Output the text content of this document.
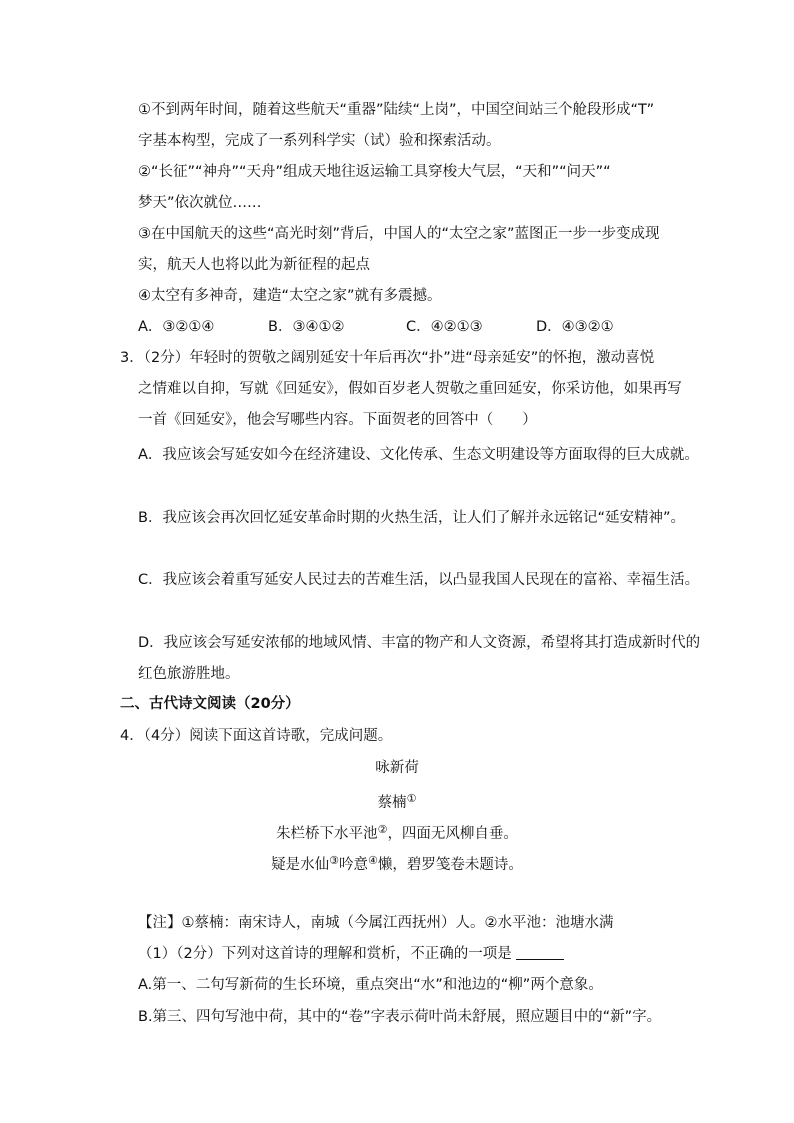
①不到两年时间，随着这些航天“重器”陆续“上岗”，中国空间站三个舱段形成“T”
字基本构型，完成了一系列科学实（试）验和探索活动。
②“长征”“神舟”“天舟”组成天地往返运输工具穿梭大气层，“天和”“问天”“
梦天”依次就位……
③在中国航天的这些“高光时刻”背后，中国人的“太空之家”蓝图正一步一步变成现
实，航天人也将以此为新征程的起点
④太空有多神奇，建造“太空之家”就有多震撼。
A．③②①④	B．③④①②	C．④②①③	D．④③②①
3．（2分）年轻时的贺敬之阔别延安十年后再次“扑”进“母亲延安”的怀抱，激动喜悦
之情难以自抑，写就《回延安》，假如百岁老人贺敬之重回延安，你采访他，如果再写
一首《回延安》，他会写哪些内容。下面贺老的回答中（　　）
A．我应该会写延安如今在经济建设、文化传承、生态文明建设等方面取得的巨大成就。
B．我应该会再次回忆延安革命时期的火热生活，让人们了解并永远铭记“延安精神”。
C．我应该会着重写延安人民过去的苦难生活，以凸显我国人民现在的富裕、幸福生活。
D．我应该会写延安浓郁的地域风情、丰富的物产和人文资源，希望将其打造成新时代的
红色旅游胜地。
二、古代诗文阅读（20分）
4．（4分）阅读下面这首诗歌，完成问题。
咏新荷
蔡楠①
朱栏桥下水平池②，四面无风柳自垂。
疑是水仙③吟意④懒，碧罗笺卷未题诗。
【注】①蔡楠：南宋诗人，南城（今属江西抚州）人。②水平池：池塘水满
（1）（2分）下列对这首诗的理解和赏析，不正确的一项是
A.第一、二句写新荷的生长环境，重点突出“水”和池边的“柳”两个意象。
B.第三、四句写池中荷，其中的“卷”字表示荷叶尚未舒展，照应题目中的“新”字。
